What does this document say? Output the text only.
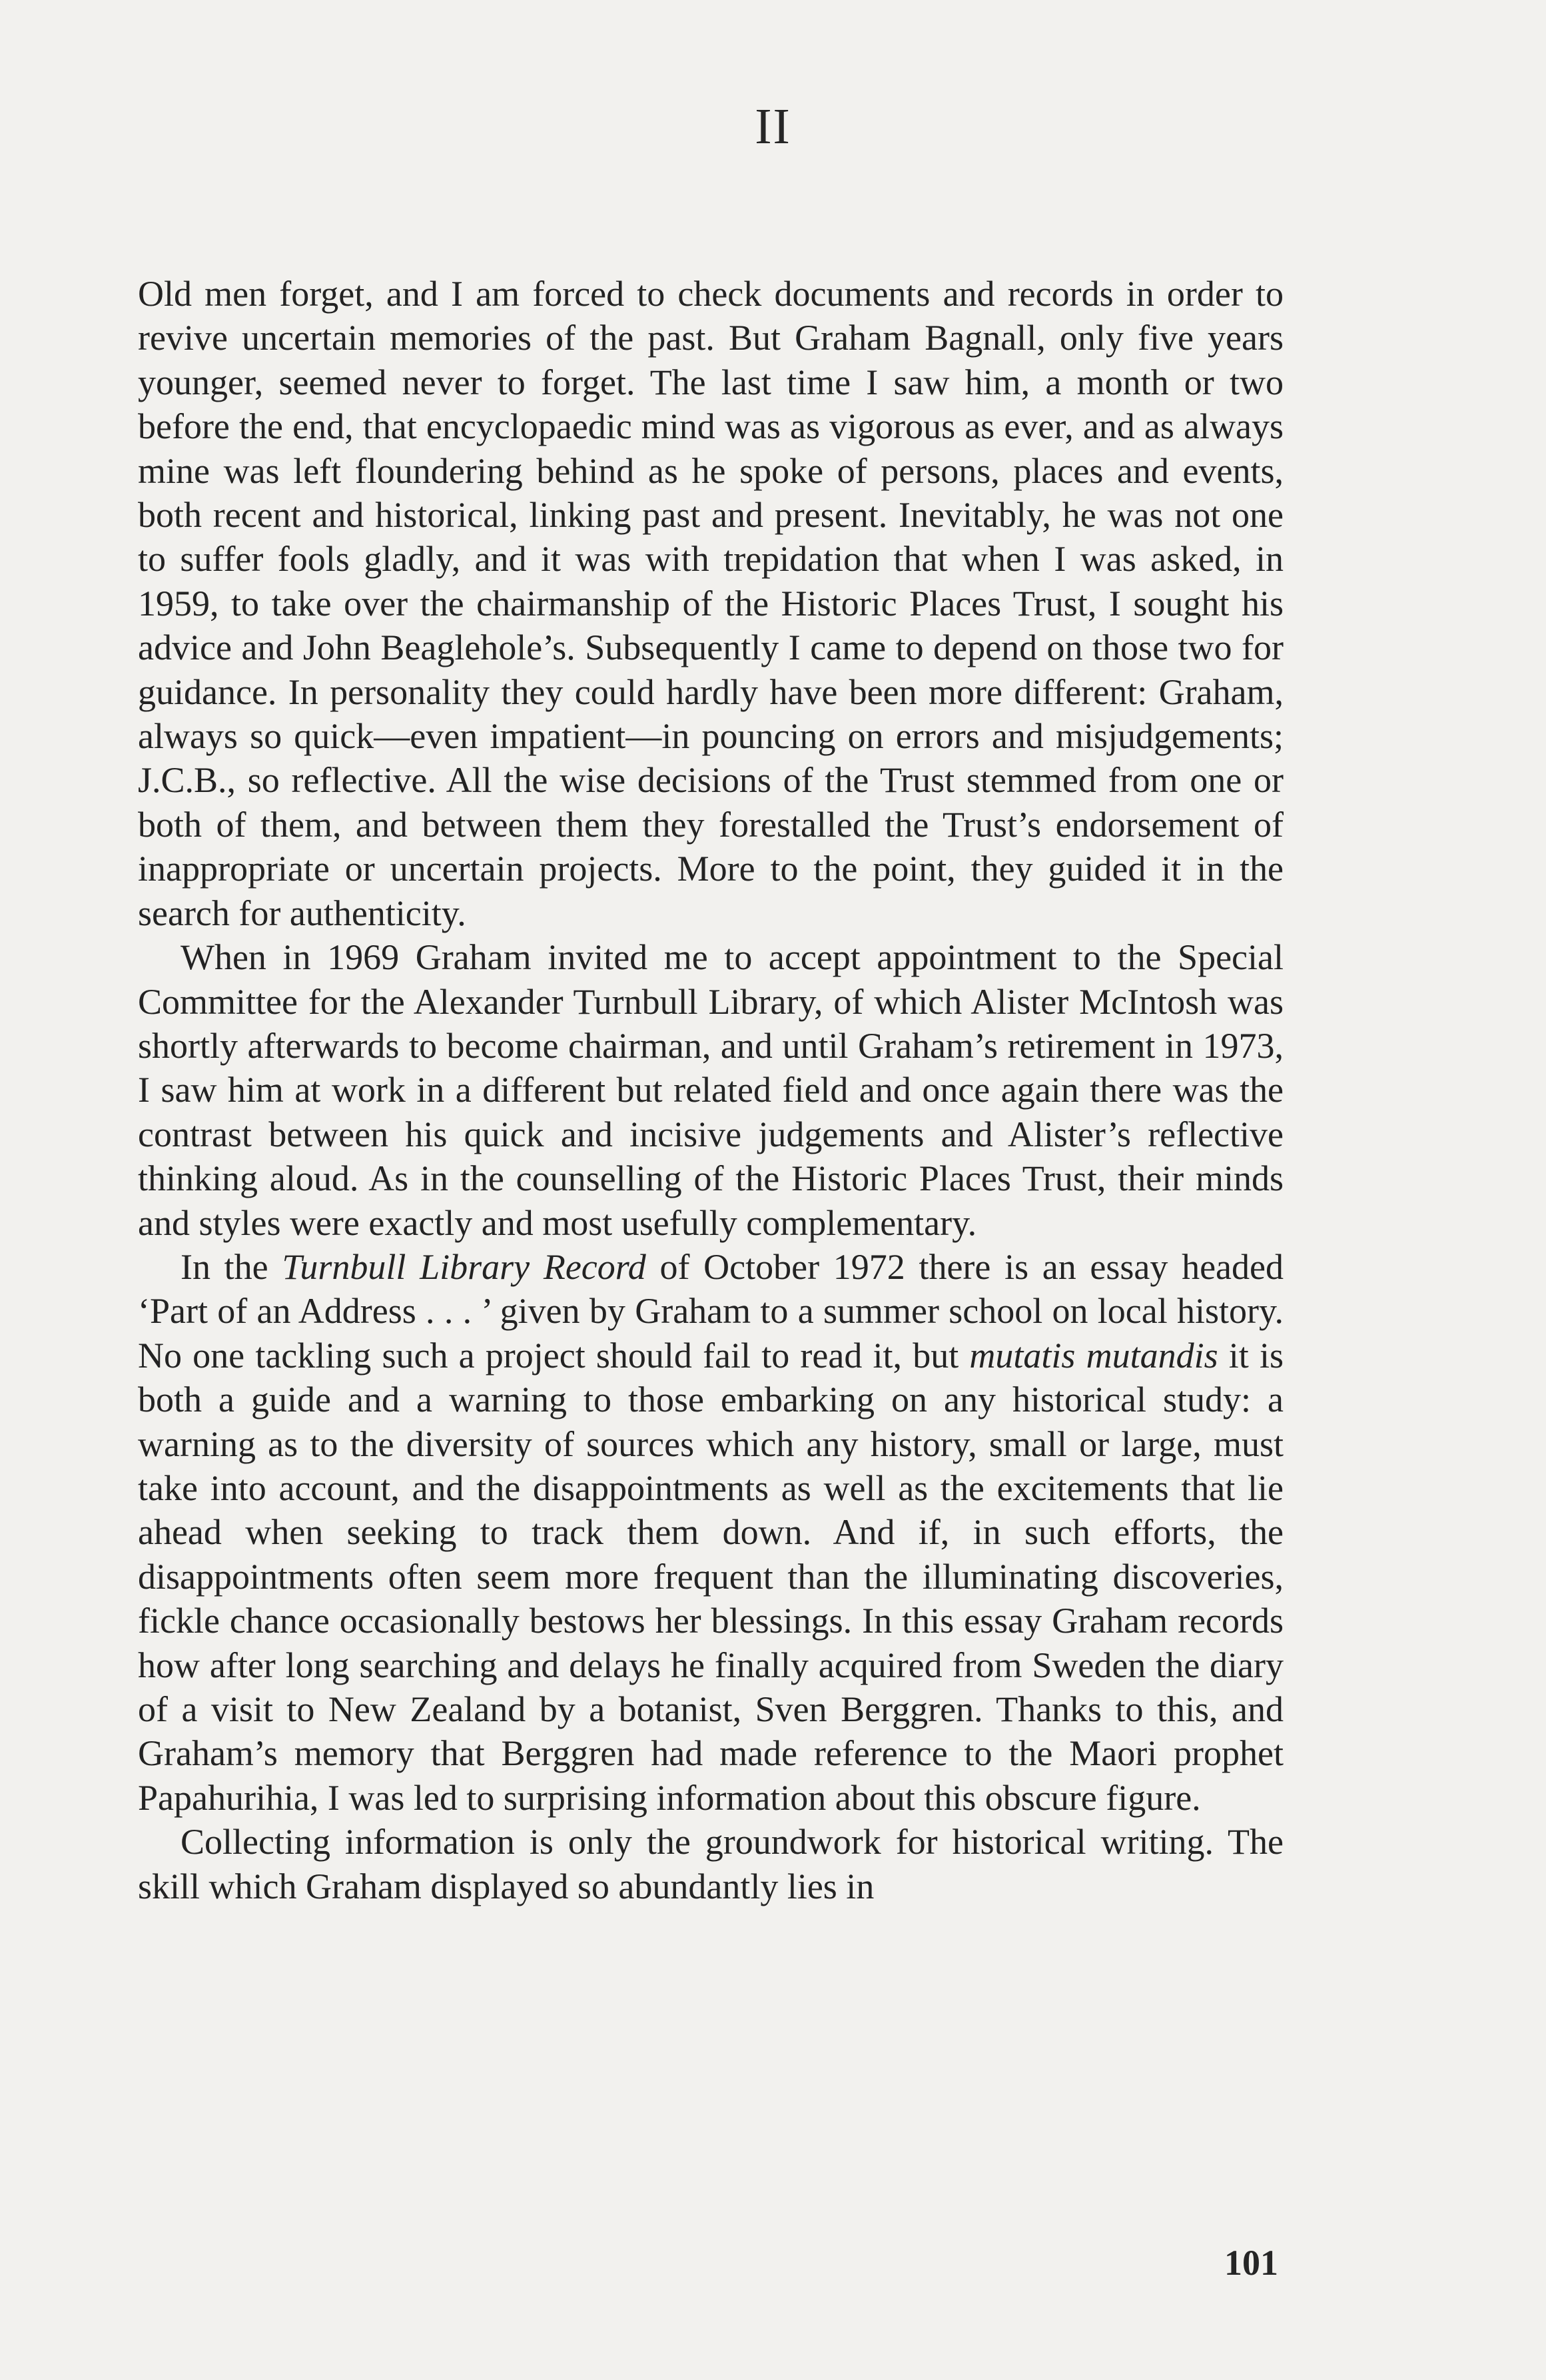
II

Old men forget, and I am forced to check documents and records in order to revive uncertain memories of the past. But Graham Bagnall, only five years younger, seemed never to forget. The last time I saw him, a month or two before the end, that encyclopaedic mind was as vigorous as ever, and as always mine was left floundering behind as he spoke of persons, places and events, both recent and historical, linking past and present. Inevitably, he was not one to suffer fools gladly, and it was with trepidation that when I was asked, in 1959, to take over the chairmanship of the Historic Places Trust, I sought his advice and John Beaglehole’s. Subsequently I came to depend on those two for guidance. In personality they could hardly have been more different: Graham, always so quick—even impatient—in pouncing on errors and misjudgements; J.C.B., so reflective. All the wise decisions of the Trust stemmed from one or both of them, and between them they forestalled the Trust’s endorsement of inappropriate or uncertain projects. More to the point, they guided it in the search for authenticity.

When in 1969 Graham invited me to accept appointment to the Special Committee for the Alexander Turnbull Library, of which Alister McIntosh was shortly afterwards to become chairman, and until Graham’s retirement in 1973, I saw him at work in a different but related field and once again there was the contrast between his quick and incisive judgements and Alister’s reflective thinking aloud. As in the counselling of the Historic Places Trust, their minds and styles were exactly and most usefully complementary.

In the Turnbull Library Record of October 1972 there is an essay headed ‘Part of an Address . . . ’ given by Graham to a summer school on local history. No one tackling such a project should fail to read it, but mutatis mutandis it is both a guide and a warning to those embarking on any historical study: a warning as to the diversity of sources which any history, small or large, must take into account, and the disappointments as well as the excitements that lie ahead when seeking to track them down. And if, in such efforts, the disappointments often seem more frequent than the illuminating discoveries, fickle chance occasionally bestows her blessings. In this essay Graham records how after long searching and delays he finally acquired from Sweden the diary of a visit to New Zealand by a botanist, Sven Berggren. Thanks to this, and Graham’s memory that Berggren had made reference to the Maori prophet Papahurihia, I was led to surprising information about this obscure figure.

Collecting information is only the groundwork for historical writing. The skill which Graham displayed so abundantly lies in

101
